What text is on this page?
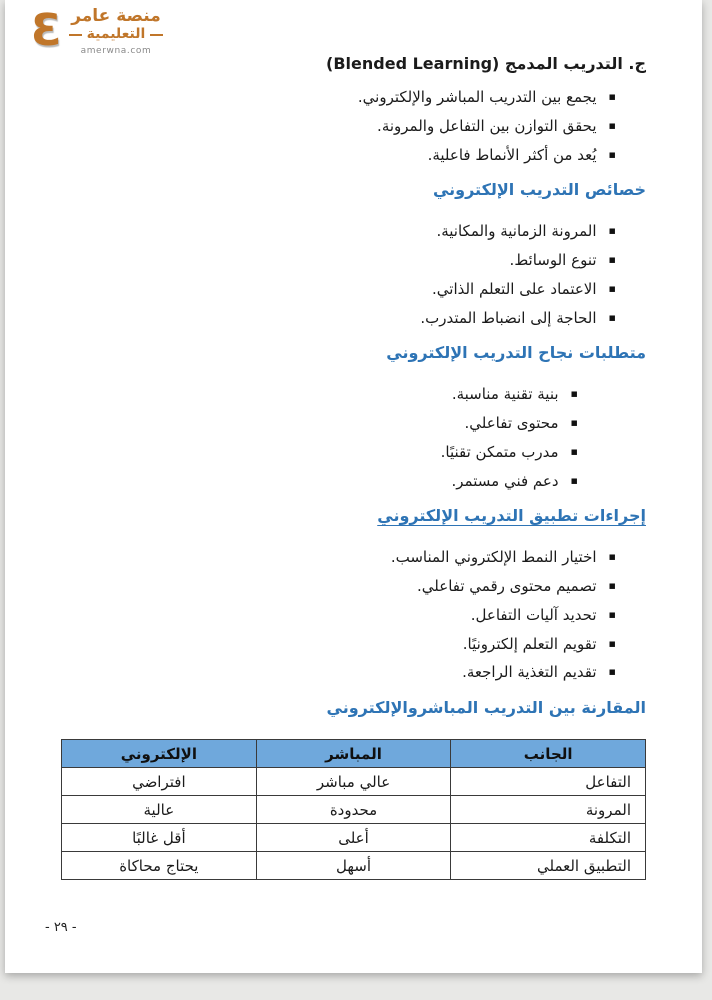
Ɛ منصة عامر
التعليمية
amerwna.com
ج. التدريب المدمج (Blended Learning)
▪ يجمع بين التدريب المباشر والإلكتروني.
▪ يحقق التوازن بين التفاعل والمرونة.
▪ يُعد من أكثر الأنماط فاعلية.
خصائص التدريب الإلكتروني
▪ المرونة الزمانية والمكانية.
▪ تنوع الوسائط.
▪ الاعتماد على التعلم الذاتي.
▪ الحاجة إلى انضباط المتدرب.
متطلبات نجاح التدريب الإلكتروني
▪ بنية تقنية مناسبة.
▪ محتوى تفاعلي.
▪ مدرب متمكن تقنيًا.
▪ دعم فني مستمر.
إجراءات تطبيق التدريب الإلكتروني
▪ اختيار النمط الإلكتروني المناسب.
▪ تصميم محتوى رقمي تفاعلي.
▪ تحديد آليات التفاعل.
▪ تقويم التعلم إلكترونيًا.
▪ تقديم التغذية الراجعة.
المقارنة بين التدريب المباشروالإلكتروني
الجانب	المباشر	الإلكتروني
التفاعل	عالي مباشر	افتراضي
المرونة	محدودة	عالية
التكلفة	أعلى	أقل غالبًا
التطبيق العملي	أسهل	يحتاج محاكاة
- ٢٩ -
